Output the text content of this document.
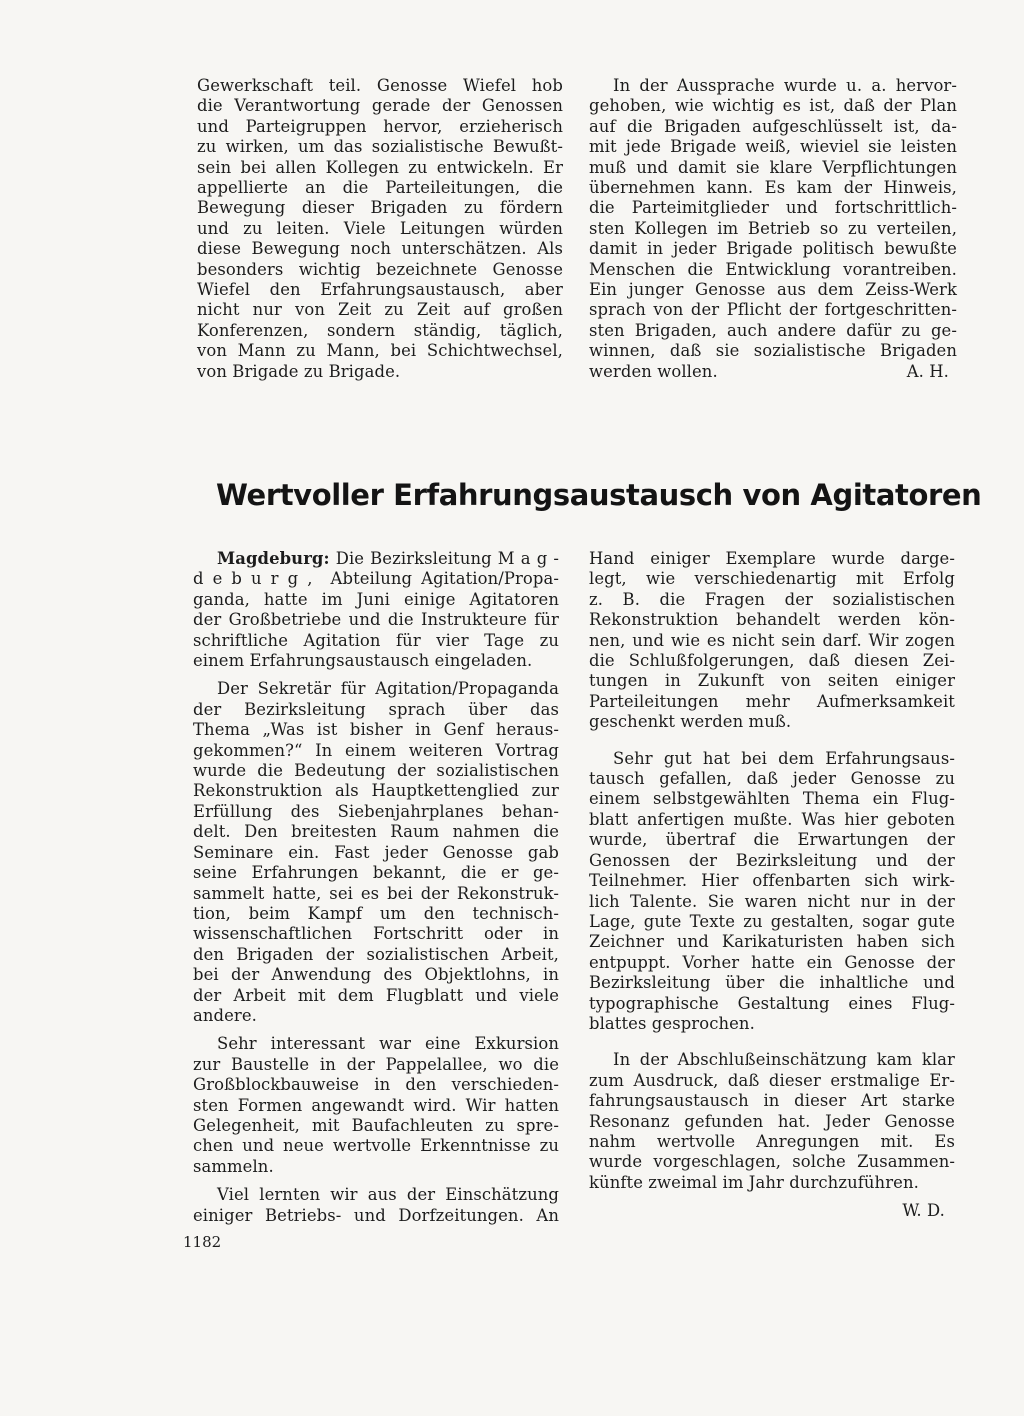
Gewerkschaft teil. Genosse Wiefel hob
die Verantwortung gerade der Genossen
und Parteigruppen hervor, erzieherisch
zu wirken, um das sozialistische Bewußt-
sein bei allen Kollegen zu entwickeln. Er
appellierte an die Parteileitungen, die
Bewegung dieser Brigaden zu fördern
und zu leiten. Viele Leitungen würden
diese Bewegung noch unterschätzen. Als
besonders wichtig bezeichnete Genosse
Wiefel den Erfahrungsaustausch, aber
nicht nur von Zeit zu Zeit auf großen
Konferenzen, sondern ständig, täglich,
von Mann zu Mann, bei Schichtwechsel,
von Brigade zu Brigade.
In der Aussprache wurde u. a. hervor-
gehoben, wie wichtig es ist, daß der Plan
auf die Brigaden aufgeschlüsselt ist, da-
mit jede Brigade weiß, wieviel sie leisten
muß und damit sie klare Verpflichtungen
übernehmen kann. Es kam der Hinweis,
die Parteimitglieder und fortschrittlich-
sten Kollegen im Betrieb so zu verteilen,
damit in jeder Brigade politisch bewußte
Menschen die Entwicklung vorantreiben.
Ein junger Genosse aus dem Zeiss-Werk
sprach von der Pflicht der fortgeschritten-
sten Brigaden, auch andere dafür zu ge-
winnen, daß sie sozialistische Brigaden
werden wollen.	A. H.
Wertvoller Erfahrungsaustausch von Agitatoren
Magdeburg: Die Bezirksleitung M a g -
d e b u r g ,  Abteilung Agitation/Propa-
ganda, hatte im Juni einige Agitatoren
der Großbetriebe und die Instrukteure für
schriftliche Agitation für vier Tage zu
einem Erfahrungsaustausch eingeladen.
Der Sekretär für Agitation/Propaganda
der Bezirksleitung sprach über das
Thema „Was ist bisher in Genf heraus-
gekommen?“ In einem weiteren Vortrag
wurde die Bedeutung der sozialistischen
Rekonstruktion als Hauptkettenglied zur
Erfüllung des Siebenjahrplanes behan-
delt. Den breitesten Raum nahmen die
Seminare ein. Fast jeder Genosse gab
seine Erfahrungen bekannt, die er ge-
sammelt hatte, sei es bei der Rekonstruk-
tion, beim Kampf um den technisch-
wissenschaftlichen Fortschritt oder in
den Brigaden der sozialistischen Arbeit,
bei der Anwendung des Objektlohns, in
der Arbeit mit dem Flugblatt und viele
andere.
Sehr interessant war eine Exkursion
zur Baustelle in der Pappelallee, wo die
Großblockbauweise in den verschieden-
sten Formen angewandt wird. Wir hatten
Gelegenheit, mit Baufachleuten zu spre-
chen und neue wertvolle Erkenntnisse zu
sammeln.
Viel lernten wir aus der Einschätzung
einiger Betriebs- und Dorfzeitungen. An
Hand einiger Exemplare wurde darge-
legt, wie verschiedenartig mit Erfolg
z. B. die Fragen der sozialistischen
Rekonstruktion behandelt werden kön-
nen, und wie es nicht sein darf. Wir zogen
die Schlußfolgerungen, daß diesen Zei-
tungen in Zukunft von seiten einiger
Parteileitungen mehr Aufmerksamkeit
geschenkt werden muß.
Sehr gut hat bei dem Erfahrungsaus-
tausch gefallen, daß jeder Genosse zu
einem selbstgewählten Thema ein Flug-
blatt anfertigen mußte. Was hier geboten
wurde, übertraf die Erwartungen der
Genossen der Bezirksleitung und der
Teilnehmer. Hier offenbarten sich wirk-
lich Talente. Sie waren nicht nur in der
Lage, gute Texte zu gestalten, sogar gute
Zeichner und Karikaturisten haben sich
entpuppt. Vorher hatte ein Genosse der
Bezirksleitung über die inhaltliche und
typographische Gestaltung eines Flug-
blattes gesprochen.
In der Abschlußeinschätzung kam klar
zum Ausdruck, daß dieser erstmalige Er-
fahrungsaustausch in dieser Art starke
Resonanz gefunden hat. Jeder Genosse
nahm wertvolle Anregungen mit. Es
wurde vorgeschlagen, solche Zusammen-
künfte zweimal im Jahr durchzuführen.
W. D.
1182
